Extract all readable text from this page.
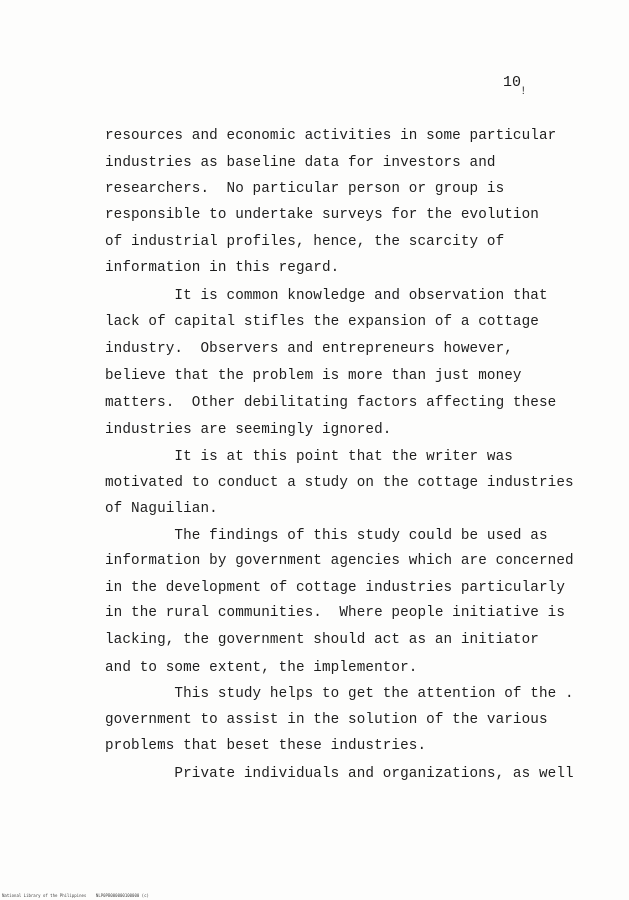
10
!
resources and economic activities in some particular
industries as baseline data for investors and
researchers.  No particular person or group is
responsible to undertake surveys for the evolution
of industrial profiles, hence, the scarcity of
information in this regard.
It is common knowledge and observation that
lack of capital stifles the expansion of a cottage
industry.  Observers and entrepreneurs however,
believe that the problem is more than just money
matters.  Other debilitating factors affecting these
industries are seemingly ignored.
It is at this point that the writer was
motivated to conduct a study on the cottage industries
of Naguilian.
The findings of this study could be used as
information by government agencies which are concerned
in the development of cottage industries particularly
in the rural communities.  Where people initiative is
lacking, the government should act as an initiator
and to some extent, the implementor.
This study helps to get the attention of the .
government to assist in the solution of the various
problems that beset these industries.
Private individuals and organizations, as well
National Library of the Philippines    NLP0PB000000100000 (c)
